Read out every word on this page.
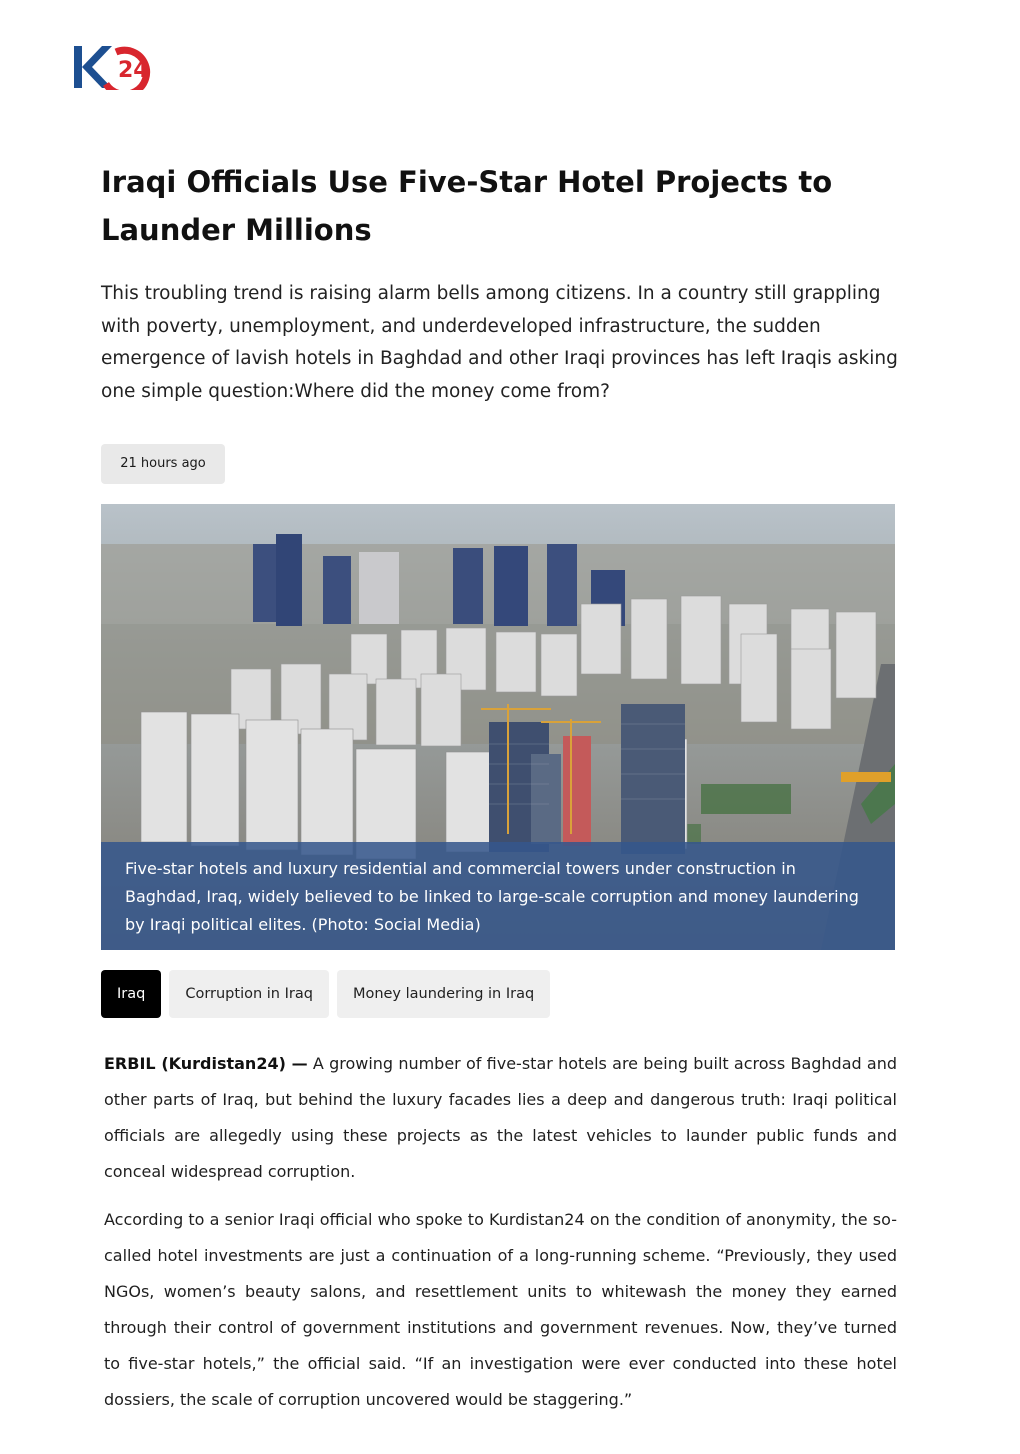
24
Iraqi Officials Use Five-Star Hotel Projects to Launder Millions

This troubling trend is raising alarm bells among citizens. In a country still grappling with poverty, unemployment, and underdeveloped infrastructure, the sudden emergence of lavish hotels in Baghdad and other Iraqi provinces has left Iraqis asking one simple question:Where did the money come from?

21 hours ago
Five-star hotels and luxury residential and commercial towers under construction in Baghdad, Iraq, widely believed to be linked to large-scale corruption and money laundering by Iraqi political elites. (Photo: Social Media)
Iraq	Corruption in Iraq	Money laundering in Iraq

ERBIL (Kurdistan24) — A growing number of five-star hotels are being built across Baghdad and other parts of Iraq, but behind the luxury facades lies a deep and dangerous truth: Iraqi political officials are allegedly using these projects as the latest vehicles to launder public funds and conceal widespread corruption.

According to a senior Iraqi official who spoke to Kurdistan24 on the condition of anonymity, the so-called hotel investments are just a continuation of a long-running scheme. “Previously, they used NGOs, women’s beauty salons, and resettlement units to whitewash the money they earned through their control of government institutions and government revenues. Now, they’ve turned to five-star hotels,” the official said. “If an investigation were ever conducted into these hotel dossiers, the scale of corruption uncovered would be staggering.”
